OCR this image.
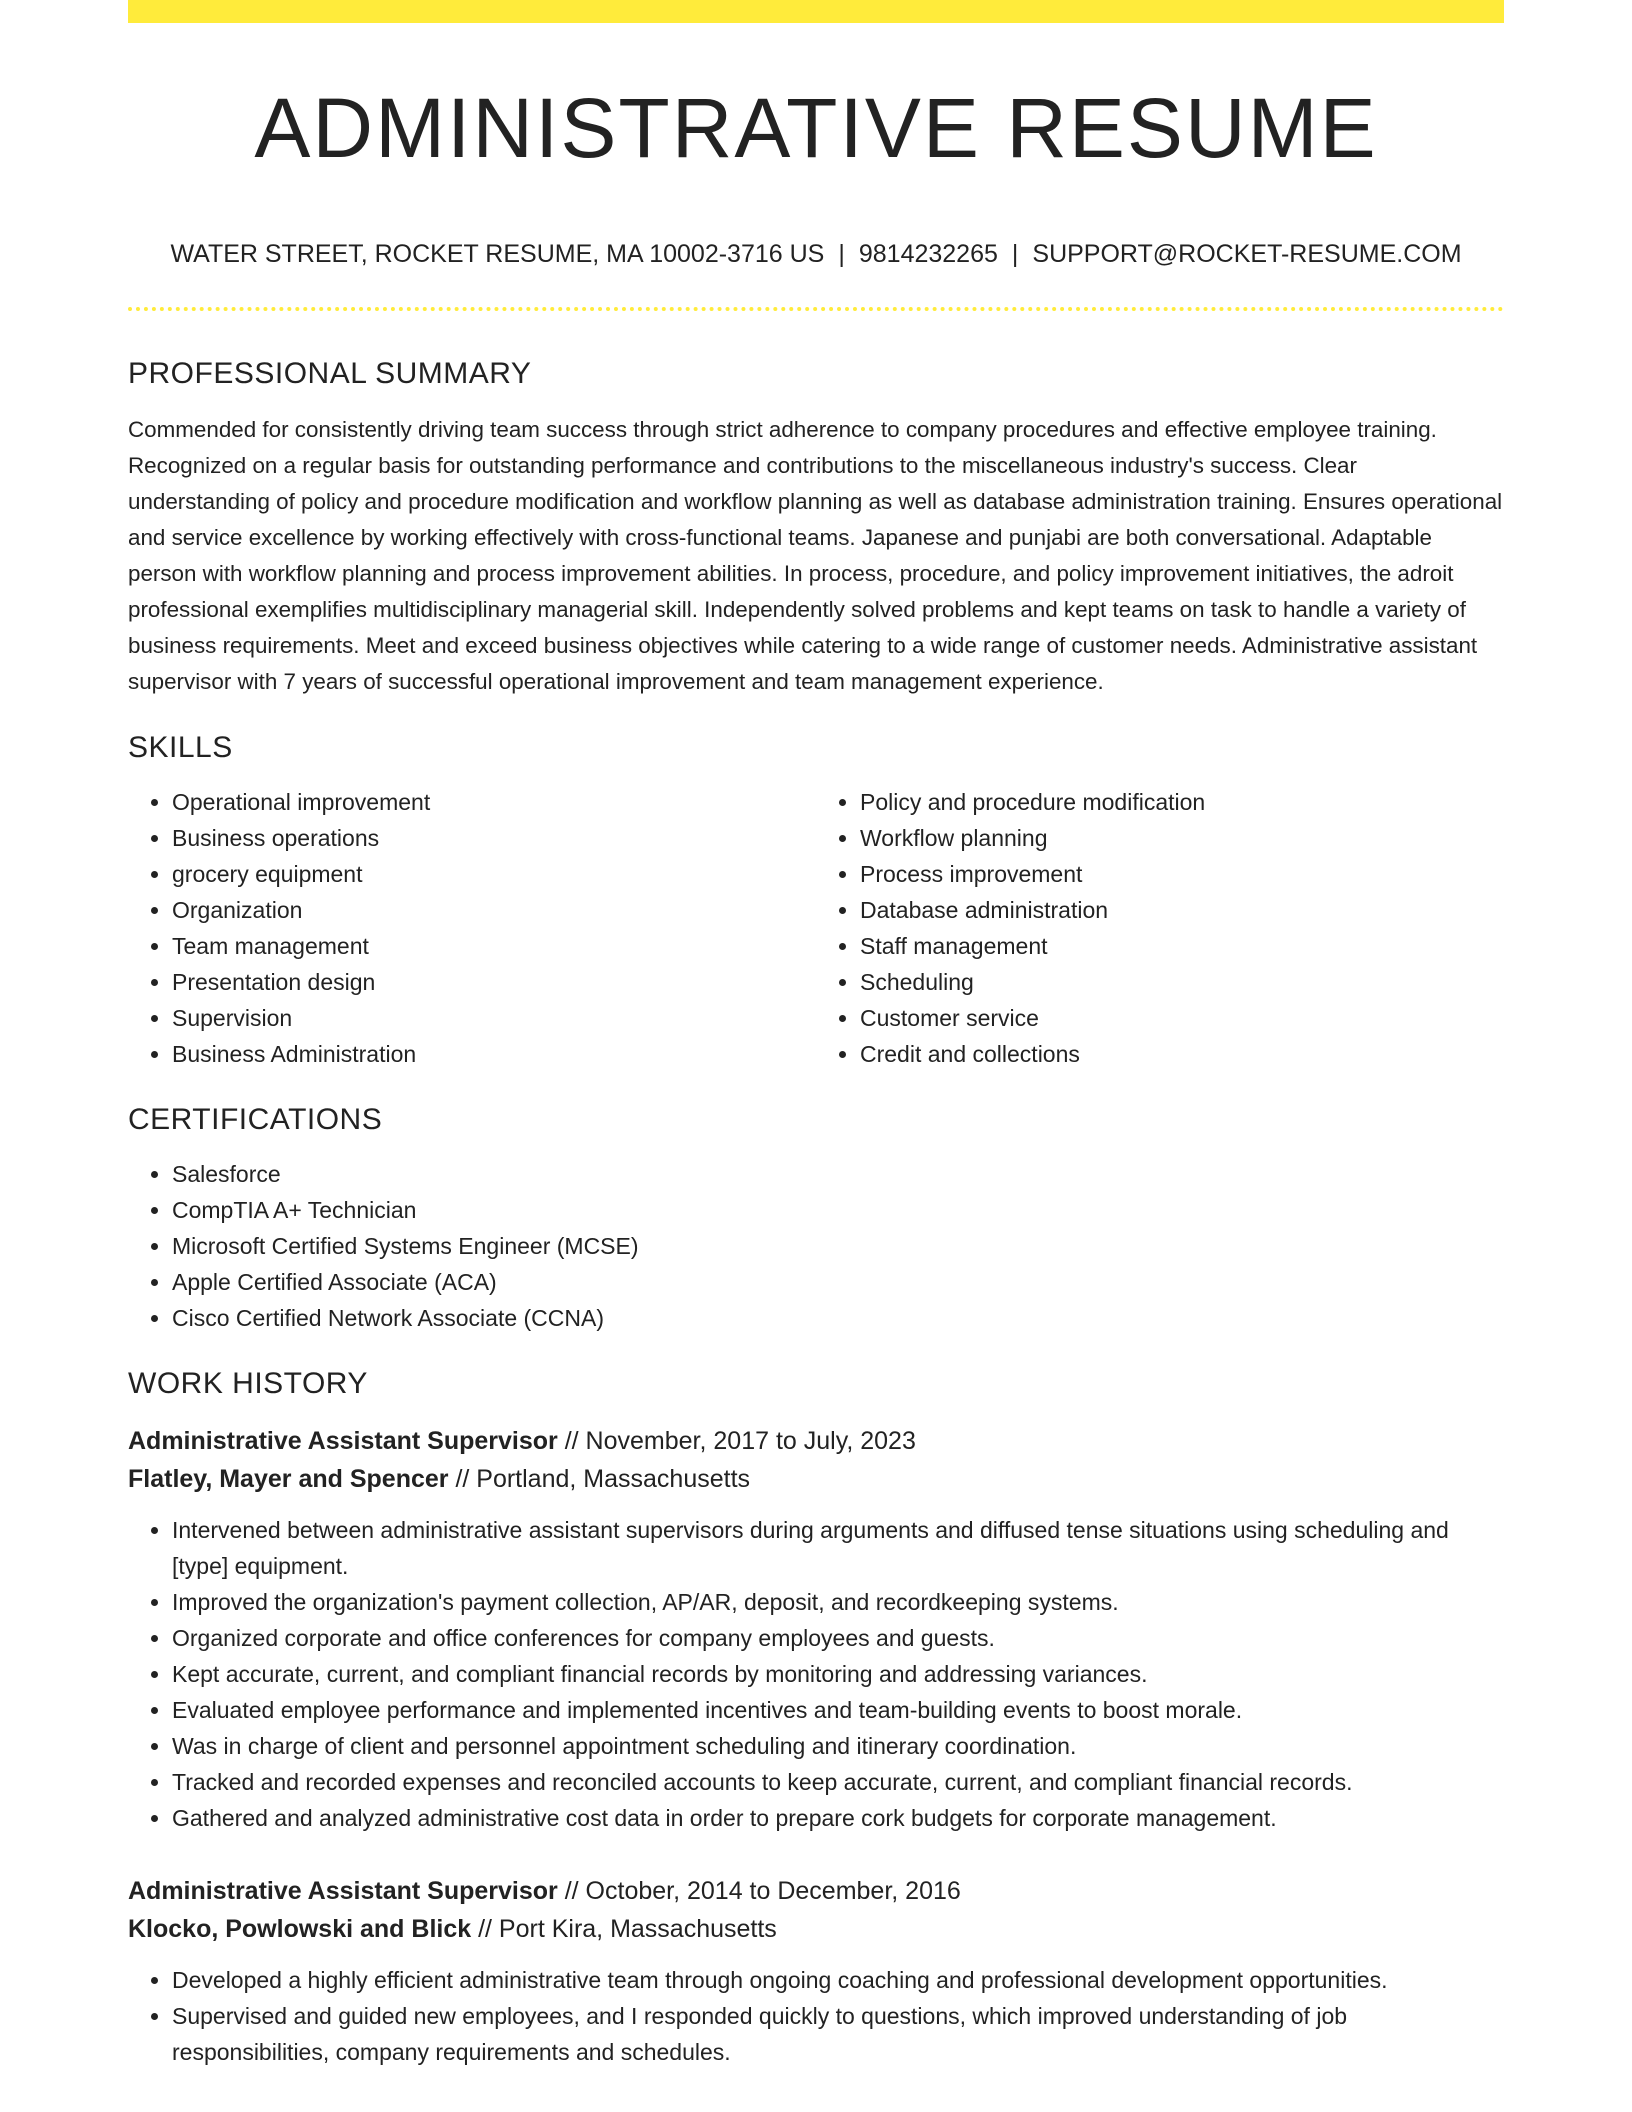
ADMINISTRATIVE RESUME
WATER STREET, ROCKET RESUME, MA 10002-3716 US | 9814232265 | SUPPORT@ROCKET-RESUME.COM
PROFESSIONAL SUMMARY

Commended for consistently driving team success through strict adherence to company procedures and effective employee training. Recognized on a regular basis for outstanding performance and contributions to the miscellaneous industry's success. Clear understanding of policy and procedure modification and workflow planning as well as database administration training. Ensures operational and service excellence by working effectively with cross-functional teams. Japanese and punjabi are both conversational. Adaptable person with workflow planning and process improvement abilities. In process, procedure, and policy improvement initiatives, the adroit professional exemplifies multidisciplinary managerial skill. Independently solved problems and kept teams on task to handle a variety of business requirements. Meet and exceed business objectives while catering to a wide range of customer needs. Administrative assistant supervisor with 7 years of successful operational improvement and team management experience.

SKILLS
• Operational improvement
• Business operations
• grocery equipment
• Organization
• Team management
• Presentation design
• Supervision
• Business Administration
• Policy and procedure modification
• Workflow planning
• Process improvement
• Database administration
• Staff management
• Scheduling
• Customer service
• Credit and collections
CERTIFICATIONS
• Salesforce
• CompTIA A+ Technician
• Microsoft Certified Systems Engineer (MCSE)
• Apple Certified Associate (ACA)
• Cisco Certified Network Associate (CCNA)
WORK HISTORY
Administrative Assistant Supervisor // November, 2017 to July, 2023
Flatley, Mayer and Spencer // Portland, Massachusetts
• Intervened between administrative assistant supervisors during arguments and diffused tense situations using scheduling and [type] equipment.
• Improved the organization's payment collection, AP/AR, deposit, and recordkeeping systems.
• Organized corporate and office conferences for company employees and guests.
• Kept accurate, current, and compliant financial records by monitoring and addressing variances.
• Evaluated employee performance and implemented incentives and team-building events to boost morale.
• Was in charge of client and personnel appointment scheduling and itinerary coordination.
• Tracked and recorded expenses and reconciled accounts to keep accurate, current, and compliant financial records.
• Gathered and analyzed administrative cost data in order to prepare cork budgets for corporate management.
Administrative Assistant Supervisor // October, 2014 to December, 2016
Klocko, Powlowski and Blick // Port Kira, Massachusetts
• Developed a highly efficient administrative team through ongoing coaching and professional development opportunities.
• Supervised and guided new employees, and I responded quickly to questions, which improved understanding of job responsibilities, company requirements and schedules.
